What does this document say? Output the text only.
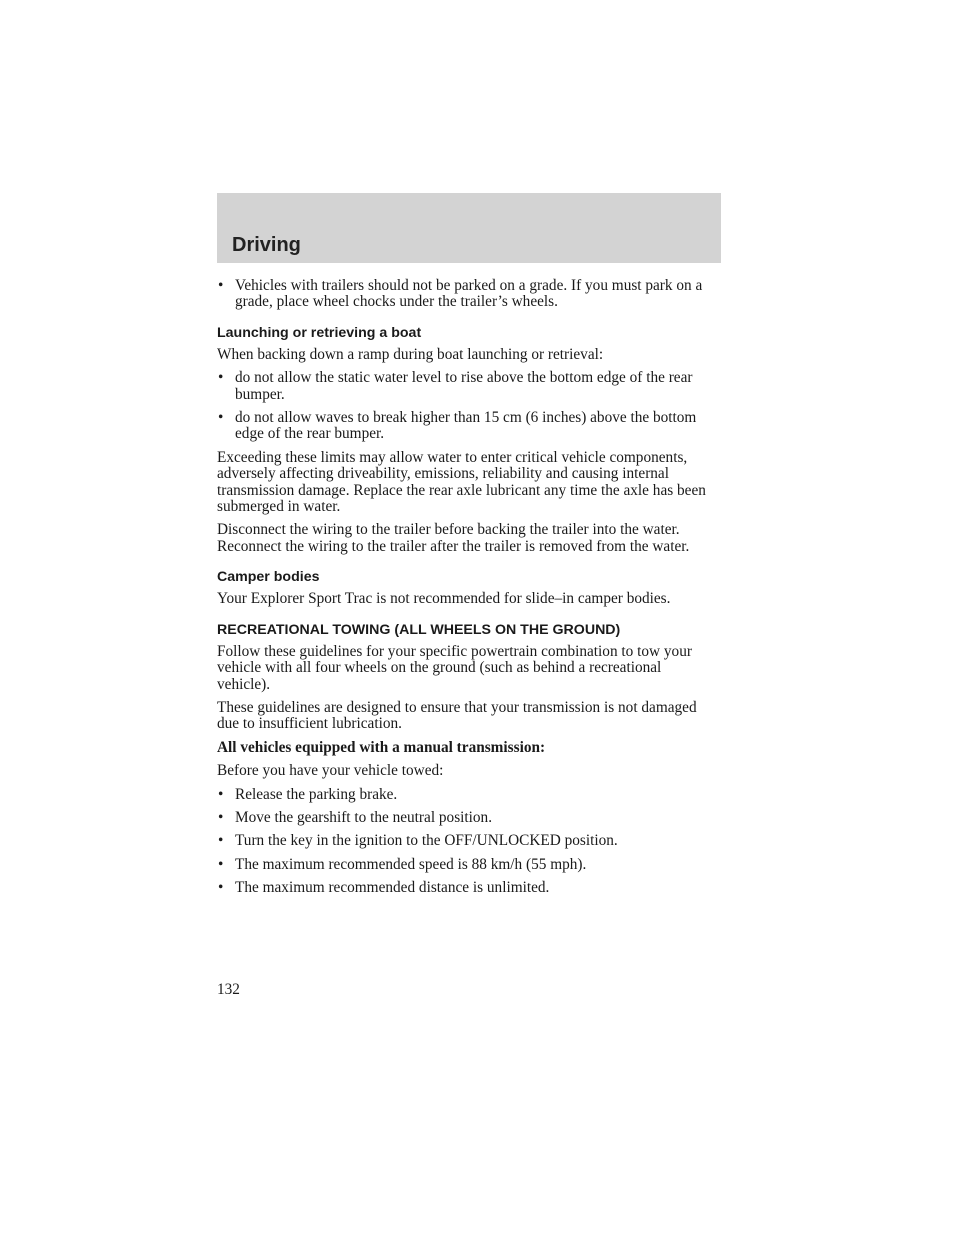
Driving
• Vehicles with trailers should not be parked on a grade. If you must park on a grade, place wheel chocks under the trailer’s wheels.
Launching or retrieving a boat

When backing down a ramp during boat launching or retrieval:

• do not allow the static water level to rise above the bottom edge of the rear bumper.
• do not allow waves to break higher than 15 cm (6 inches) above the bottom edge of the rear bumper.

Exceeding these limits may allow water to enter critical vehicle components, adversely affecting driveability, emissions, reliability and causing internal transmission damage. Replace the rear axle lubricant any time the axle has been submerged in water.

Disconnect the wiring to the trailer before backing the trailer into the water. Reconnect the wiring to the trailer after the trailer is removed from the water.

Camper bodies

Your Explorer Sport Trac is not recommended for slide–in camper bodies.

RECREATIONAL TOWING (ALL WHEELS ON THE GROUND)

Follow these guidelines for your specific powertrain combination to tow your vehicle with all four wheels on the ground (such as behind a recreational vehicle).

These guidelines are designed to ensure that your transmission is not damaged due to insufficient lubrication.

All vehicles equipped with a manual transmission:

Before you have your vehicle towed:

• Release the parking brake.
• Move the gearshift to the neutral position.
• Turn the key in the ignition to the OFF/UNLOCKED position.
• The maximum recommended speed is 88 km/h (55 mph).
• The maximum recommended distance is unlimited.
132
